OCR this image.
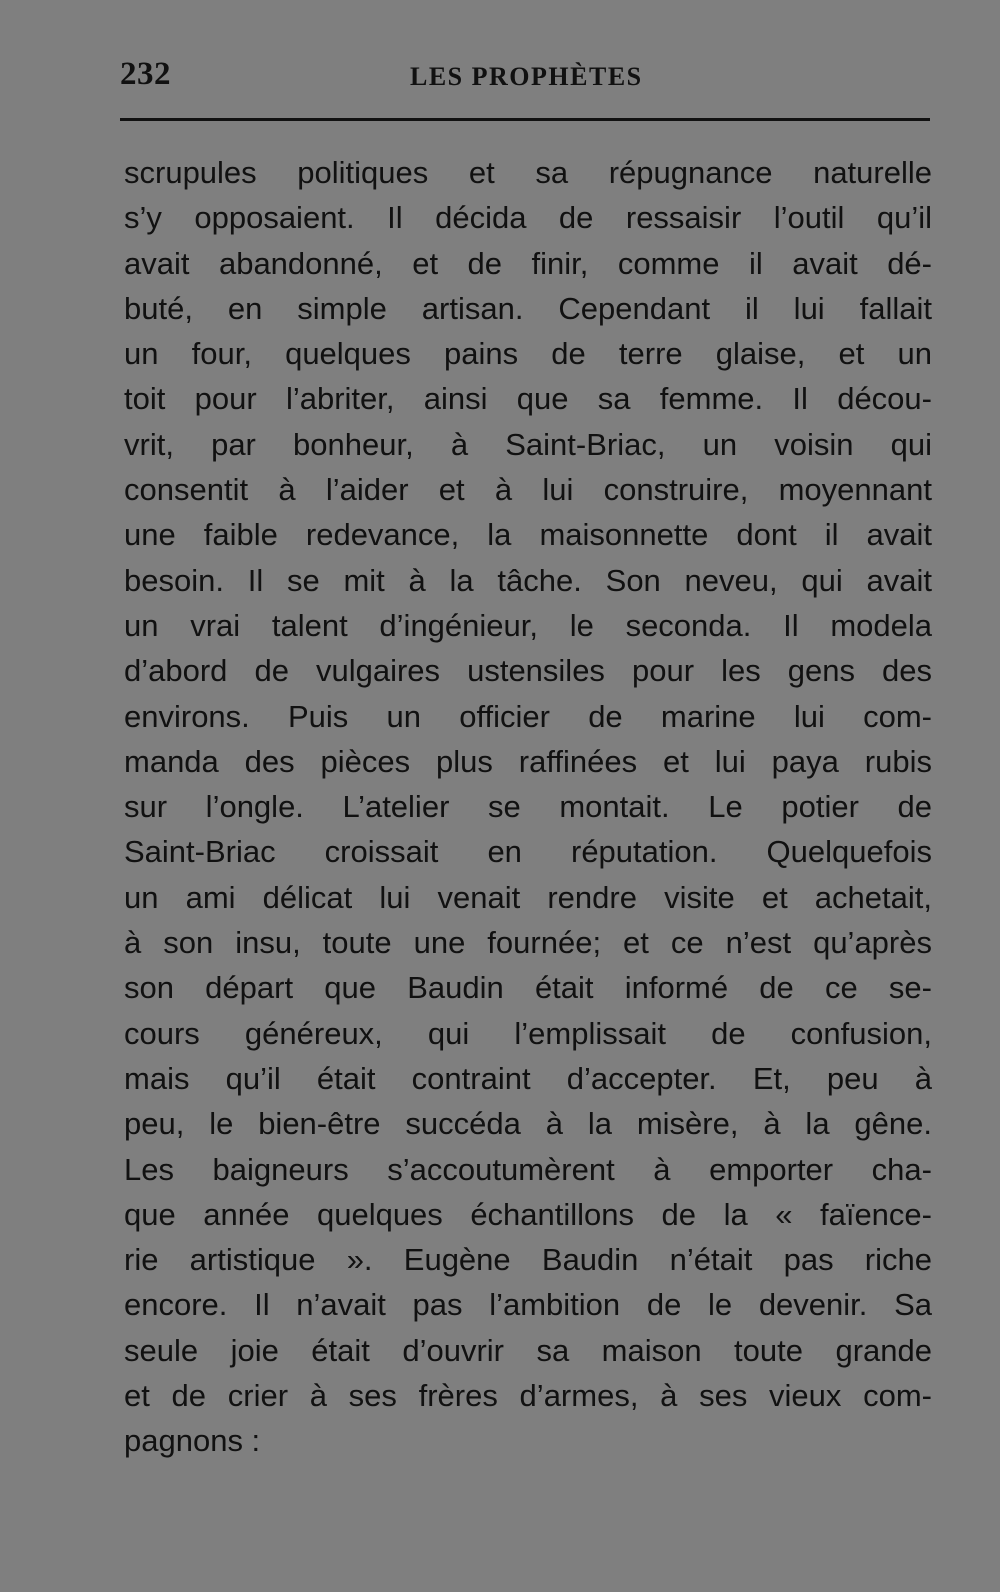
232	LES PROPHÈTES
scrupules politiques et sa répugnance naturelle
s’y opposaient. Il décida de ressaisir l’outil qu’il
avait abandonné, et de finir, comme il avait dé-
buté, en simple artisan. Cependant il lui fallait
un four, quelques pains de terre glaise, et un
toit pour l’abriter, ainsi que sa femme. Il décou-
vrit, par bonheur, à Saint-Briac, un voisin qui
consentit à l’aider et à lui construire, moyennant
une faible redevance, la maisonnette dont il avait
besoin. Il se mit à la tâche. Son neveu, qui avait
un vrai talent d’ingénieur, le seconda. Il modela
d’abord de vulgaires ustensiles pour les gens des
environs. Puis un officier de marine lui com-
manda des pièces plus raffinées et lui paya rubis
sur l’ongle. L’atelier se montait. Le potier de
Saint-Briac croissait en réputation. Quelquefois
un ami délicat lui venait rendre visite et achetait,
à son insu, toute une fournée; et ce n’est qu’après
son départ que Baudin était informé de ce se-
cours généreux, qui l’emplissait de confusion,
mais qu’il était contraint d’accepter. Et, peu à
peu, le bien-être succéda à la misère, à la gêne.
Les baigneurs s’accoutumèrent à emporter cha-
que année quelques échantillons de la « faïence-
rie artistique ». Eugène Baudin n’était pas riche
encore. Il n’avait pas l’ambition de le devenir. Sa
seule joie était d’ouvrir sa maison toute grande
et de crier à ses frères d’armes, à ses vieux com-
pagnons :
